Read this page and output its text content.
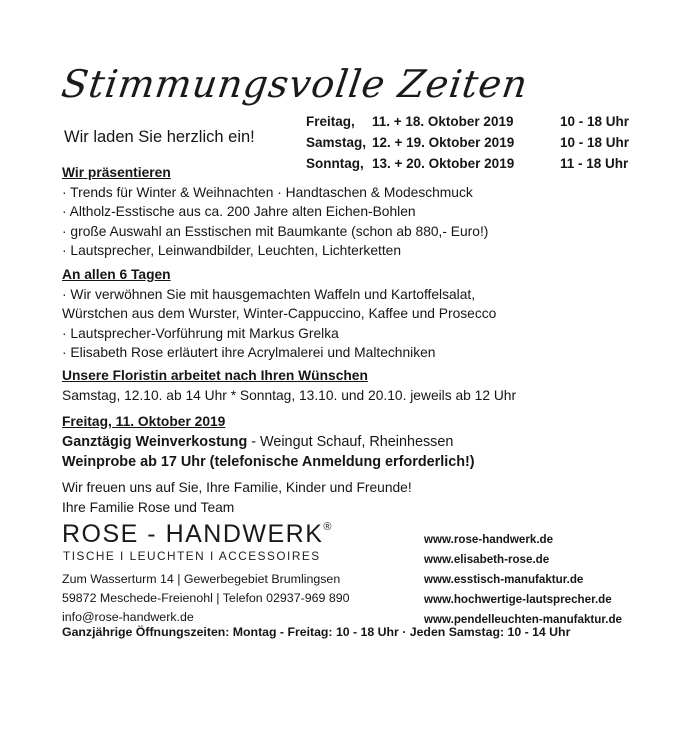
Stimmungsvolle Zeiten
Wir laden Sie herzlich ein!
Freitag, 11. + 18. Oktober 2019	10 - 18 Uhr
Samstag, 12. + 19. Oktober 2019	10 - 18 Uhr
Sonntag, 13. + 20. Oktober 2019	11 - 18 Uhr
Wir präsentieren
· Trends für Winter & Weihnachten · Handtaschen & Modeschmuck
· Altholz-Esstische aus ca. 200 Jahre alten Eichen-Bohlen
· große Auswahl an Esstischen mit Baumkante (schon ab 880,- Euro!)
· Lautsprecher, Leinwandbilder, Leuchten, Lichterketten
An allen 6 Tagen
· Wir verwöhnen Sie mit hausgemachten Waffeln und Kartoffelsalat,
Würstchen aus dem Wurster, Winter-Cappuccino, Kaffee und Prosecco
· Lautsprecher-Vorführung mit Markus Grelka
· Elisabeth Rose erläutert ihre Acrylmalerei und Maltechniken
Unsere Floristin arbeitet nach Ihren Wünschen
Samstag, 12.10. ab 14 Uhr * Sonntag, 13.10. und 20.10. jeweils ab 12 Uhr
Freitag, 11. Oktober 2019
Ganztägig Weinverkostung - Weingut Schauf, Rheinhessen
Weinprobe ab 17 Uhr (telefonische Anmeldung erforderlich!)
Wir freuen uns auf Sie, Ihre Familie, Kinder und Freunde!
Ihre Familie Rose und Team
ROSE - HANDWERK®
TISCHE I LEUCHTEN I ACCESSOIRES
Zum Wasserturm 14 | Gewerbegebiet Brumlingsen
59872 Meschede-Freienohl | Telefon 02937-969 890
info@rose-handwerk.de
www.rose-handwerk.de
www.elisabeth-rose.de
www.esstisch-manufaktur.de
www.hochwertige-lautsprecher.de
www.pendelleuchten-manufaktur.de
Ganzjährige Öffnungszeiten: Montag - Freitag: 10 - 18 Uhr · Jeden Samstag: 10 - 14 Uhr
